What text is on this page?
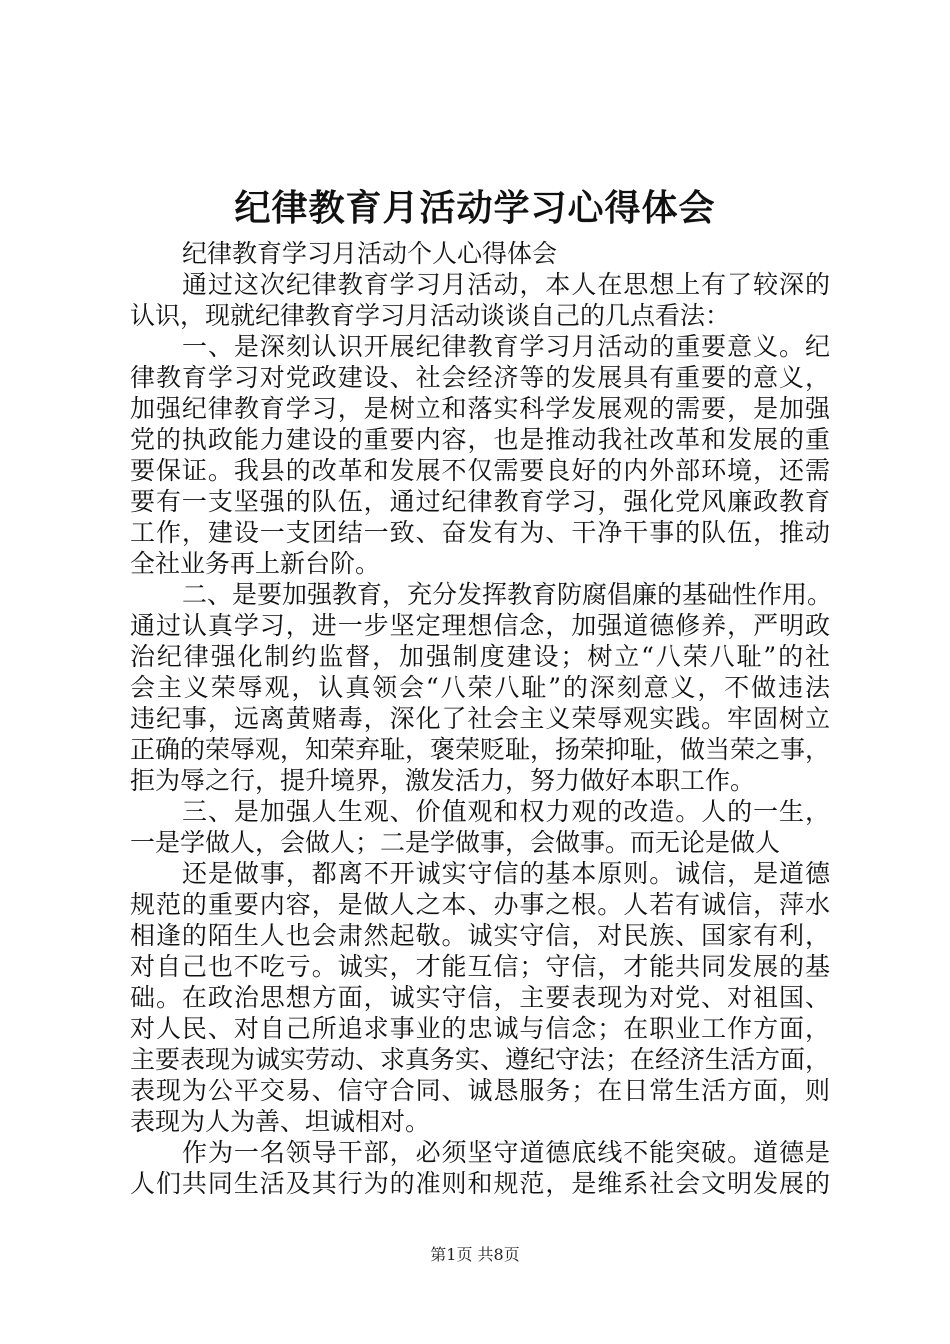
纪律教育月活动学习心得体会
纪律教育学习月活动个人心得体会
通过这次纪律教育学习月活动，本人在思想上有了较深的
认识，现就纪律教育学习月活动谈谈自己的几点看法：
一、是深刻认识开展纪律教育学习月活动的重要意义。纪
律教育学习对党政建设、社会经济等的发展具有重要的意义，
加强纪律教育学习，是树立和落实科学发展观的需要，是加强
党的执政能力建设的重要内容，也是推动我社改革和发展的重
要保证。我县的改革和发展不仅需要良好的内外部环境，还需
要有一支坚强的队伍，通过纪律教育学习，强化党风廉政教育
工作，建设一支团结一致、奋发有为、干净干事的队伍，推动
全社业务再上新台阶。
二、是要加强教育，充分发挥教育防腐倡廉的基础性作用。
通过认真学习，进一步坚定理想信念，加强道德修养，严明政
治纪律强化制约监督，加强制度建设；树立“八荣八耻”的社
会主义荣辱观，认真领会“八荣八耻”的深刻意义，不做违法
违纪事，远离黄赌毒，深化了社会主义荣辱观实践。牢固树立
正确的荣辱观，知荣弃耻，褒荣贬耻，扬荣抑耻，做当荣之事，
拒为辱之行，提升境界，激发活力，努力做好本职工作。
三、是加强人生观、价值观和权力观的改造。人的一生，
一是学做人，会做人；二是学做事，会做事。而无论是做人
还是做事，都离不开诚实守信的基本原则。诚信，是道德
规范的重要内容，是做人之本、办事之根。人若有诚信，萍水
相逢的陌生人也会肃然起敬。诚实守信，对民族、国家有利，
对自己也不吃亏。诚实，才能互信；守信，才能共同发展的基
础。在政治思想方面，诚实守信，主要表现为对党、对祖国、
对人民、对自己所追求事业的忠诚与信念；在职业工作方面，
主要表现为诚实劳动、求真务实、遵纪守法；在经济生活方面，
表现为公平交易、信守合同、诚恳服务；在日常生活方面，则
表现为人为善、坦诚相对。
作为一名领导干部，必须坚守道德底线不能突破。道德是
人们共同生活及其行为的准则和规范，是维系社会文明发展的
第1页 共8页
